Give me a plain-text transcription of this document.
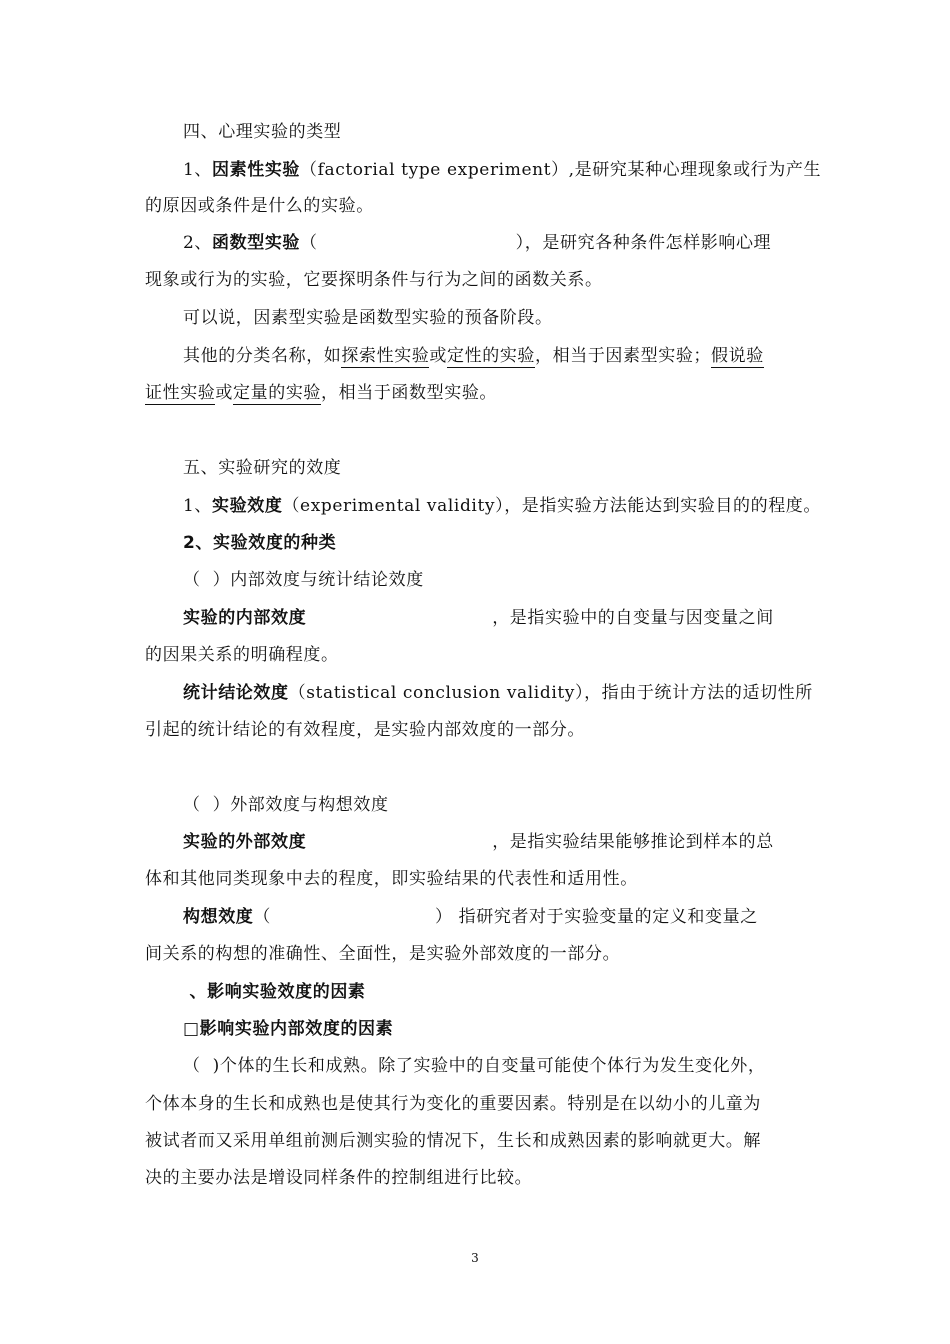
四、心理实验的类型
1、因素性实验（factorial type experiment）,是研究某种心理现象或行为产生
的原因或条件是什么的实验。
2、函数型实验（	），是研究各种条件怎样影响心理
现象或行为的实验，它要探明条件与行为之间的函数关系。
可以说，因素型实验是函数型实验的预备阶段。
其他的分类名称，如探索性实验或定性的实验，相当于因素型实验；假说验
证性实验或定量的实验，相当于函数型实验。
五、实验研究的效度
1、实验效度（experimental validity），是指实验方法能达到实验目的的程度。
2、实验效度的种类
（  ）内部效度与统计结论效度
实验的内部效度	，是指实验中的自变量与因变量之间
的因果关系的明确程度。
统计结论效度（statistical conclusion validity），指由于统计方法的适切性所
引起的统计结论的有效程度，是实验内部效度的一部分。
（  ）外部效度与构想效度
实验的外部效度	，是指实验结果能够推论到样本的总
体和其他同类现象中去的程度，即实验结果的代表性和适用性。
构想效度（	） 指研究者对于实验变量的定义和变量之
间关系的构想的准确性、全面性，是实验外部效度的一部分。
、影响实验效度的因素
□影响实验内部效度的因素
（  )个体的生长和成熟。除了实验中的自变量可能使个体行为发生变化外，
个体本身的生长和成熟也是使其行为变化的重要因素。特别是在以幼小的儿童为
被试者而又采用单组前测后测实验的情况下，生长和成熟因素的影响就更大。解
决的主要办法是增设同样条件的控制组进行比较。
3
